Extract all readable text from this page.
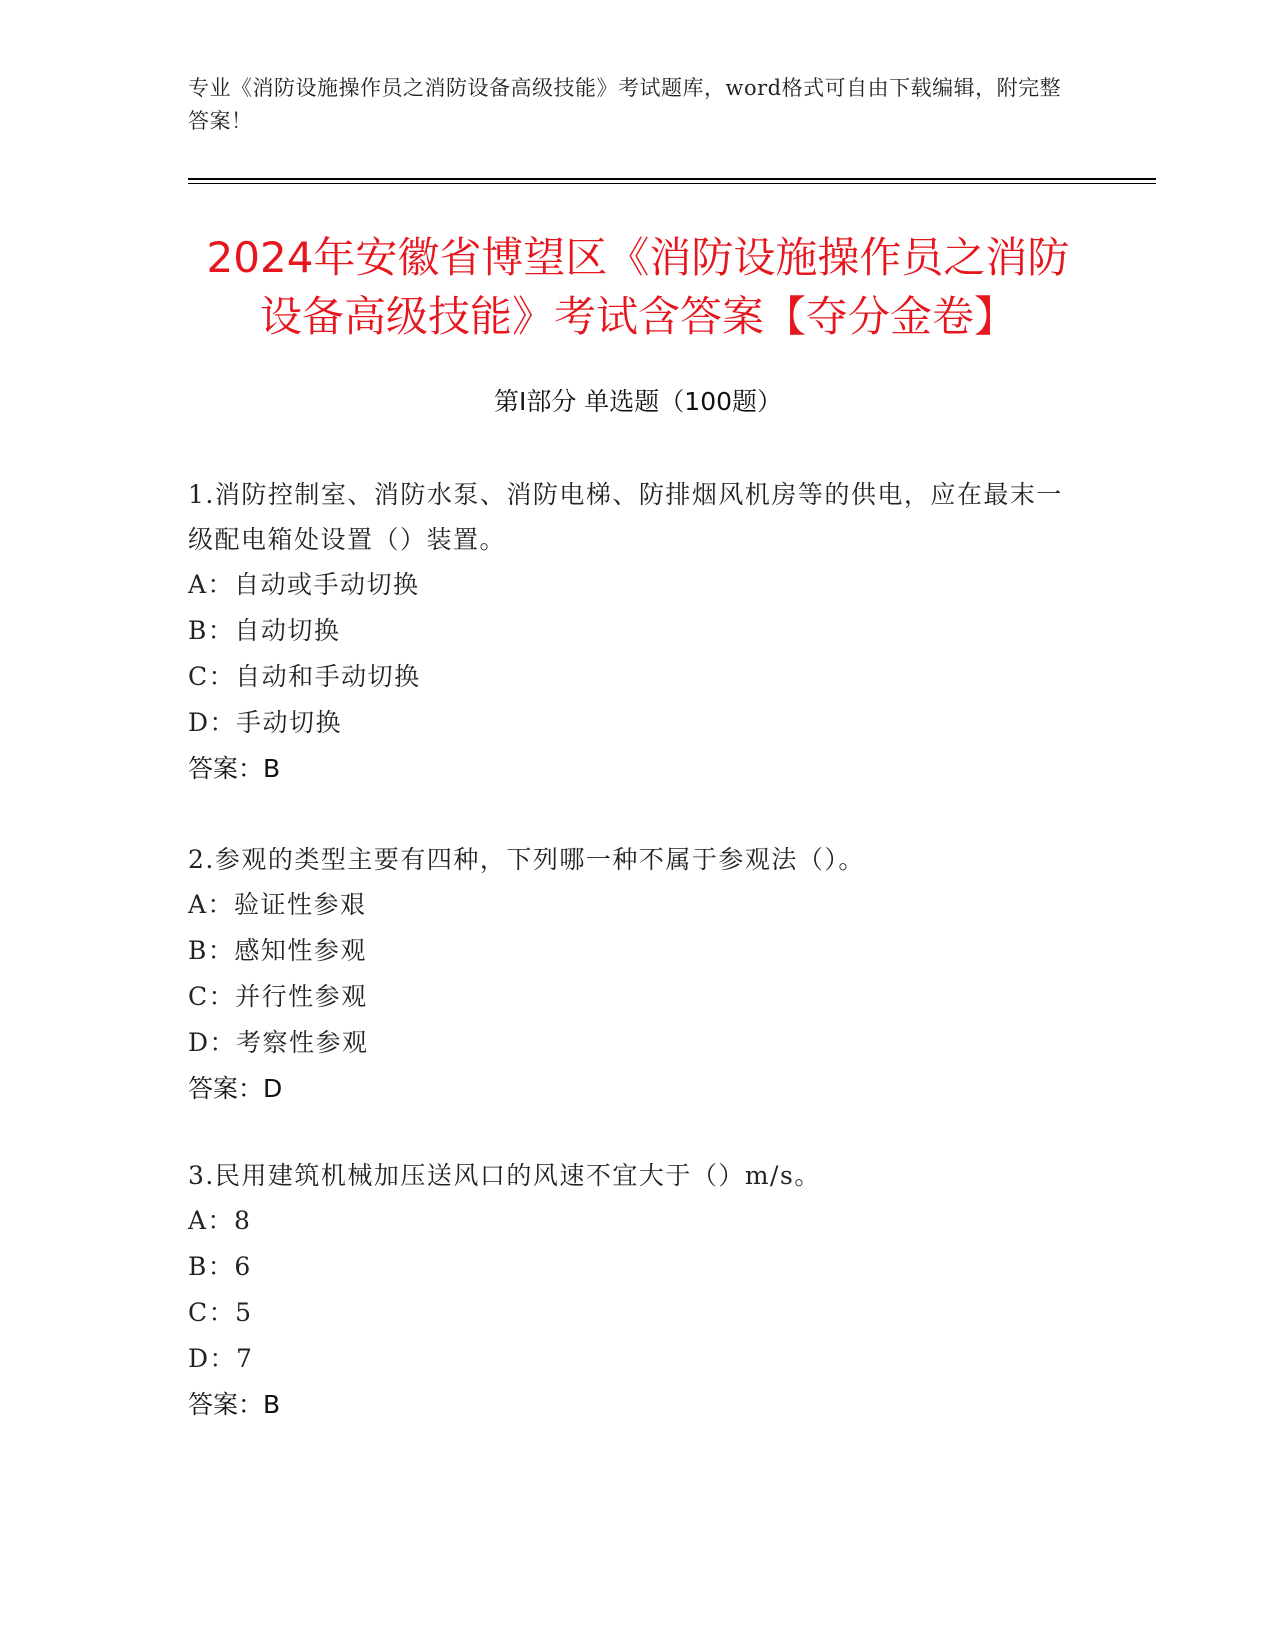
专业《消防设施操作员之消防设备高级技能》考试题库，word格式可自由下载编辑，附完整答案！
2024年安徽省博望区《消防设施操作员之消防设备高级技能》考试含答案【夺分金卷】
第Ⅰ部分 单选题（100题）

1.消防控制室、消防水泵、消防电梯、防排烟风机房等的供电，应在最末一级配电箱处设置（）装置。

A：自动或手动切换

B：自动切换

C：自动和手动切换

D：手动切换

答案：B

2.参观的类型主要有四种，下列哪一种不属于参观法（）。

A：验证性参艰

B：感知性参观

C：并行性参观

D：考察性参观

答案：D

3.民用建筑机械加压送风口的风速不宜大于（）m/s。

A：8

B：6

C：5

D：7

答案：B
